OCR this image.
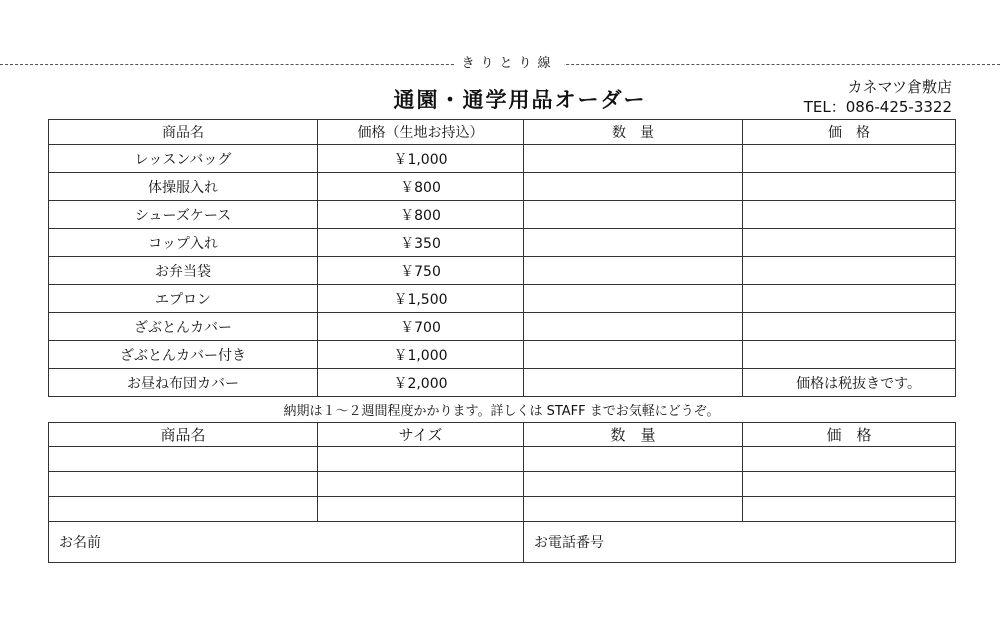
きりとり線
通園・通学用品オーダー
カネマツ倉敷店
TEL：086-425-3322
商品名	価格（生地お持込）	数　量	価　格
レッスンバッグ	￥1,000		
体操服入れ	￥800		
シューズケース	￥800		
コップ入れ	￥350		
お弁当袋	￥750		
エプロン	￥1,500		
ざぶとんカバー	￥700		
ざぶとんカバー付き	￥1,000		
お昼ね布団カバー	￥2,000		価格は税抜きです。
納期は１～２週間程度かかります。詳しくは STAFF までお気軽にどうぞ。
商品名	サイズ	数　量	価　格

お名前		お電話番号	
